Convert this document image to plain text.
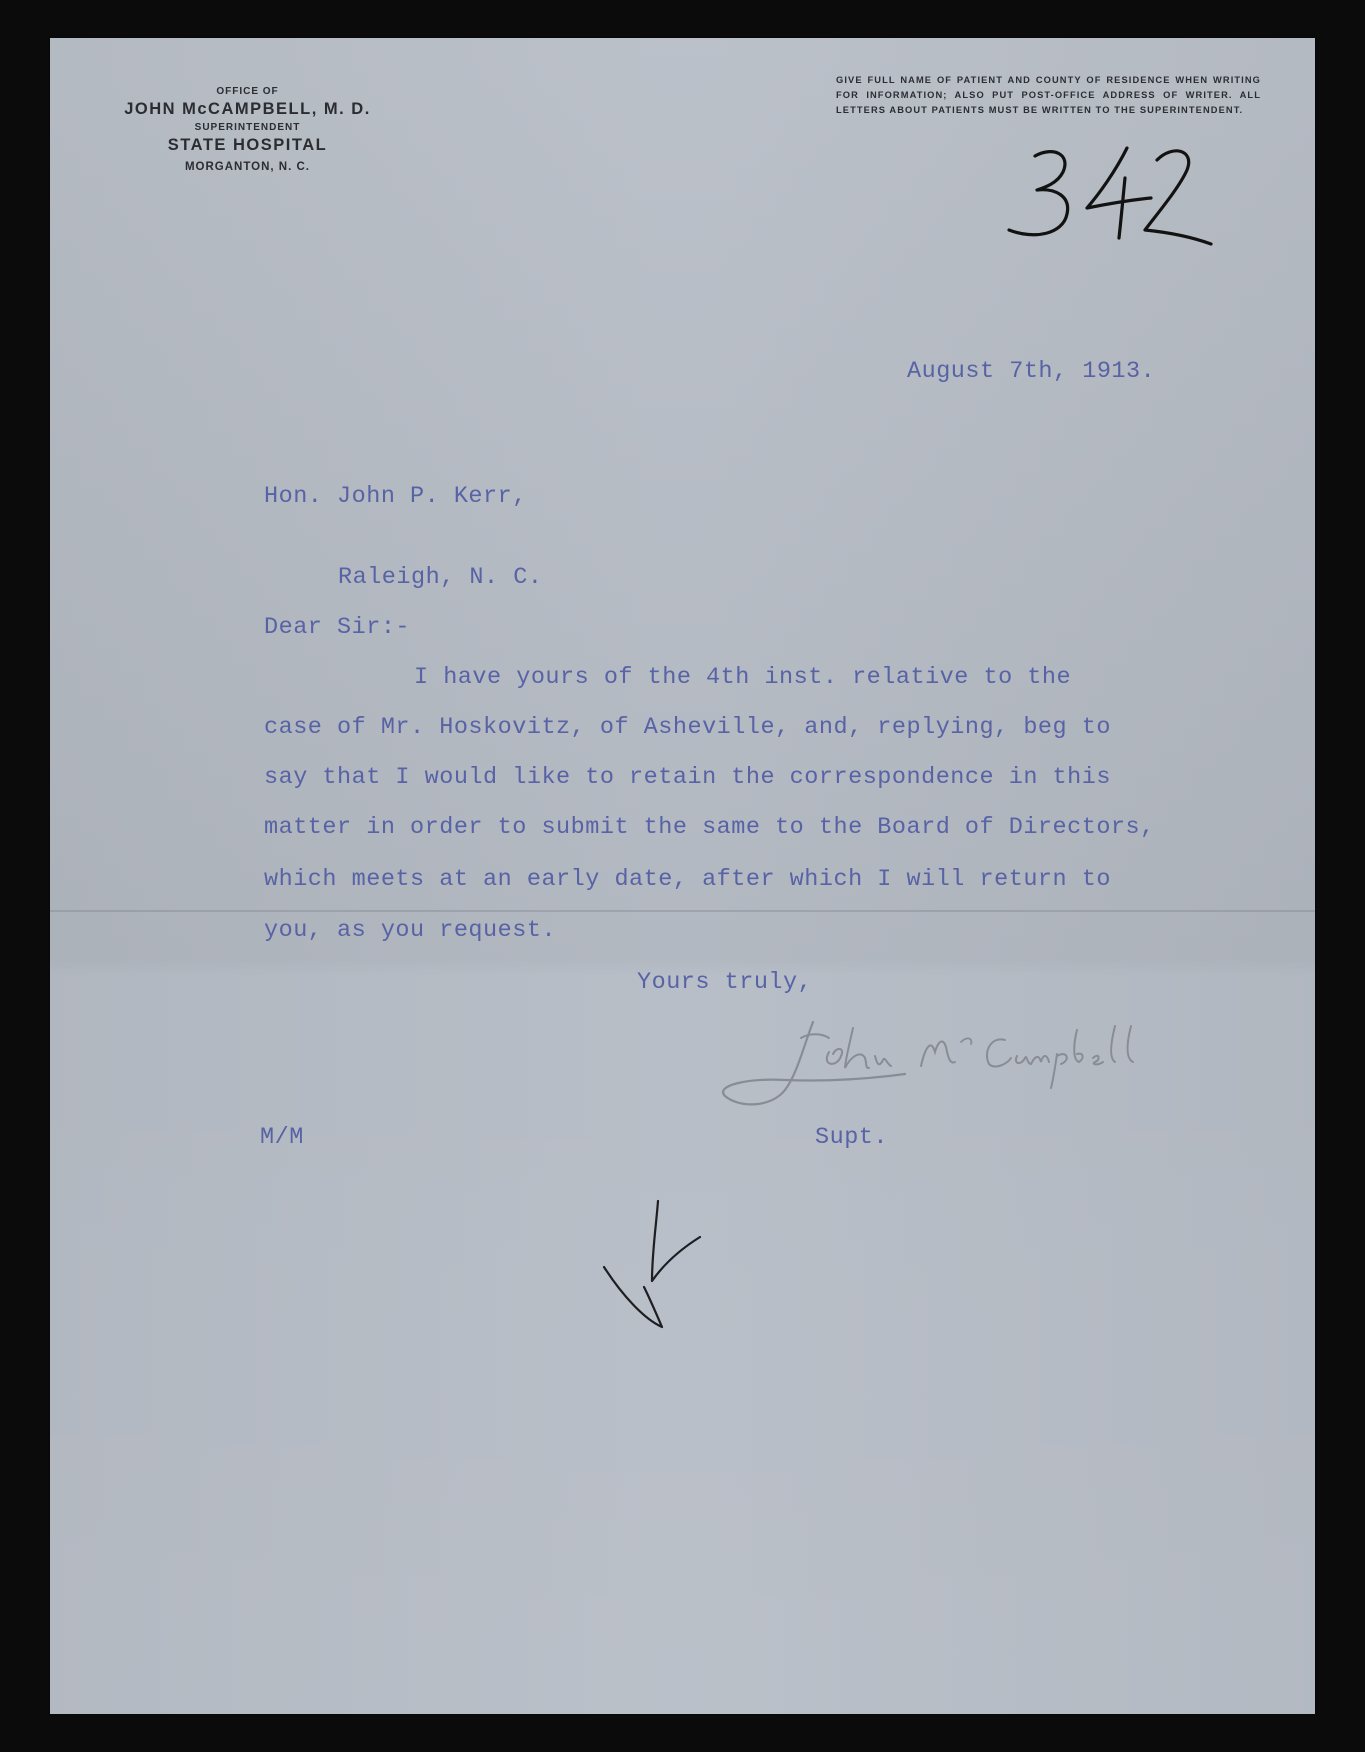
OFFICE OF
JOHN McCAMPBELL, M. D.
SUPERINTENDENT
STATE HOSPITAL
MORGANTON, N. C.
GIVE FULL NAME OF PATIENT AND COUNTY OF RESIDENCE WHEN WRITING FOR INFORMATION; ALSO PUT POST-OFFICE ADDRESS OF WRITER. ALL LETTERS ABOUT PATIENTS MUST BE WRITTEN TO THE SUPERINTENDENT.
August 7th, 1913.
Hon. John P. Kerr,
Raleigh, N. C.
Dear Sir:-
I have yours of the 4th inst. relative to the
case of Mr. Hoskovitz, of Asheville, and, replying, beg to
say that I would like to retain the correspondence in this
matter in order to submit the same to the Board of Directors,
which meets at an early date, after which I will return to
you, as you request.
Yours truly,
M/M	Supt.
